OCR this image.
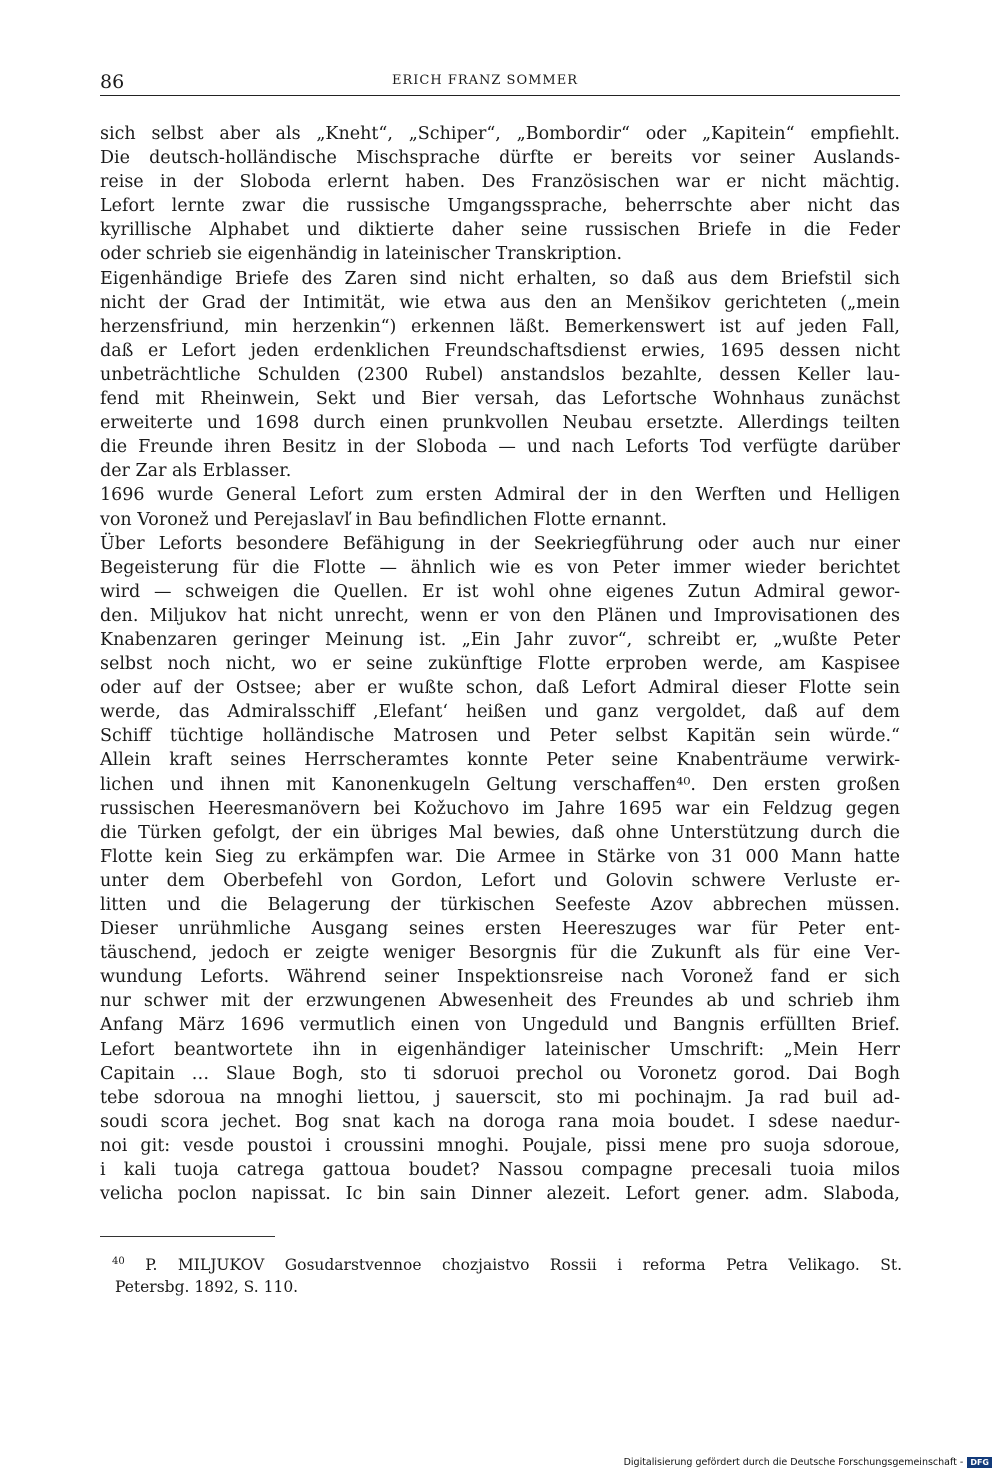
86	ERICH FRANZ SOMMER
sich selbst aber als „Kneht“, „Schiper“, „Bombordir“ oder „Kapitein“ empfiehlt.
Die deutsch-holländische Mischsprache dürfte er bereits vor seiner Auslands-
reise in der Sloboda erlernt haben. Des Französischen war er nicht mächtig.
Lefort lernte zwar die russische Umgangssprache, beherrschte aber nicht das
kyrillische Alphabet und diktierte daher seine russischen Briefe in die Feder
oder schrieb sie eigenhändig in lateinischer Transkription.
Eigenhändige Briefe des Zaren sind nicht erhalten, so daß aus dem Briefstil sich
nicht der Grad der Intimität, wie etwa aus den an Menšikov gerichteten („mein
herzensfriund, min herzenkin“) erkennen läßt. Bemerkenswert ist auf jeden Fall,
daß er Lefort jeden erdenklichen Freundschaftsdienst erwies, 1695 dessen nicht
unbeträchtliche Schulden (2300 Rubel) anstandslos bezahlte, dessen Keller lau-
fend mit Rheinwein, Sekt und Bier versah, das Lefortsche Wohnhaus zunächst
erweiterte und 1698 durch einen prunkvollen Neubau ersetzte. Allerdings teilten
die Freunde ihren Besitz in der Sloboda — und nach Leforts Tod verfügte darüber
der Zar als Erblasser.
1696 wurde General Lefort zum ersten Admiral der in den Werften und Helligen
von Voronež und Perejaslavľ in Bau befindlichen Flotte ernannt.
Über Leforts besondere Befähigung in der Seekriegführung oder auch nur einer
Begeisterung für die Flotte — ähnlich wie es von Peter immer wieder berichtet
wird — schweigen die Quellen. Er ist wohl ohne eigenes Zutun Admiral gewor-
den. Miljukov hat nicht unrecht, wenn er von den Plänen und Improvisationen des
Knabenzaren geringer Meinung ist. „Ein Jahr zuvor“, schreibt er, „wußte Peter
selbst noch nicht, wo er seine zukünftige Flotte erproben werde, am Kaspisee
oder auf der Ostsee; aber er wußte schon, daß Lefort Admiral dieser Flotte sein
werde, das Admiralsschiff ‚Elefant‘ heißen und ganz vergoldet, daß auf dem
Schiff tüchtige holländische Matrosen und Peter selbst Kapitän sein würde.“
Allein kraft seines Herrscheramtes konnte Peter seine Knabenträume verwirk-
lichen und ihnen mit Kanonenkugeln Geltung verschaffen⁴⁰. Den ersten großen
russischen Heeresmanövern bei Kožuchovo im Jahre 1695 war ein Feldzug gegen
die Türken gefolgt, der ein übriges Mal bewies, daß ohne Unterstützung durch die
Flotte kein Sieg zu erkämpfen war. Die Armee in Stärke von 31 000 Mann hatte
unter dem Oberbefehl von Gordon, Lefort und Golovin schwere Verluste er-
litten und die Belagerung der türkischen Seefeste Azov abbrechen müssen.
Dieser unrühmliche Ausgang seines ersten Heereszuges war für Peter ent-
täuschend, jedoch er zeigte weniger Besorgnis für die Zukunft als für eine Ver-
wundung Leforts. Während seiner Inspektionsreise nach Voronež fand er sich
nur schwer mit der erzwungenen Abwesenheit des Freundes ab und schrieb ihm
Anfang März 1696 vermutlich einen von Ungeduld und Bangnis erfüllten Brief.
Lefort beantwortete ihn in eigenhändiger lateinischer Umschrift: „Mein Herr
Capitain … Slaue Bogh, sto ti sdoruoi prechol ou Voronetz gorod. Dai Bogh
tebe sdoroua na mnoghi liettou, j sauerscit, sto mi pochinajm. Ja rad buil ad-
soudi scora jechet. Bog snat kach na doroga rana moia boudet. I sdese naedur-
noi git: vesde poustoi i croussini mnoghi. Poujale, pissi mene pro suoja sdoroue,
i kali tuoja catrega gattoua boudet? Nassou compagne precesali tuoia milos
velicha poclon napissat. Ic bin sain Dinner alezeit. Lefort gener. adm. Slaboda,
$^{40}$ P. MILJUKOV Gosudarstvennoe chozjaistvo Rossii i reforma Petra Velikago. St.
Petersbg. 1892, S. 110.
Digitalisierung gefördert durch die Deutsche Forschungsgemeinschaft - DFG
